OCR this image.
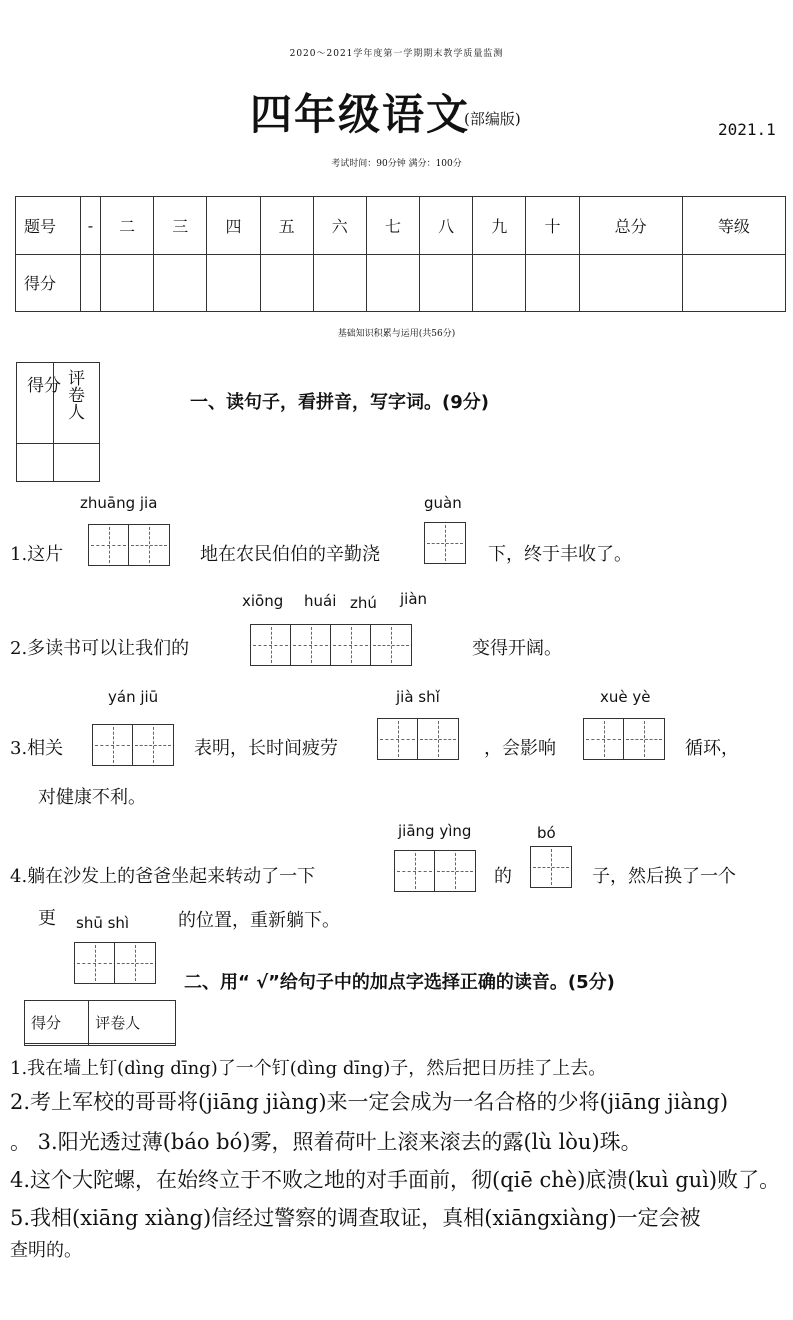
2020～2021学年度第一学期期末教学质量监测
四年级语文
(部编版)
2021.1
考试时间：90分钟 满分：100分
题号	-	二	三	四	五	六	七	八	九	十	总分	等级
得分												
基础知识积累与运用(共56分)
得分 评卷人	一、读句子，看拼音，写字词。(9分)
zhuāng jia	guàn
1.这片	地在农民伯伯的辛勤浇	下，终于丰收了。
xiōng huái zhú jiàn
2.多读书可以让我们的	变得开阔。
yán jiū	jià shǐ	xuè yè
3.相关	表明，长时间疲劳	，会影响	循环，
对健康不利。
jiāng yìng	bó
4.躺在沙发上的爸爸坐起来转动了一下	的	子，然后换了一个
更 shū shì	的位置，重新躺下。
二、用“ √”给句子中的加点字选择正确的读音。(5分)
得分	评卷人

1.我在墙上钉(dìng dīng)了一个钉(dìng dīng)子，然后把日历挂了上去。
2.考上军校的哥哥将(jiāng jiàng)来一定会成为一名合格的少将(jiāng jiàng)
。 3.阳光透过薄(báo bó)雾，照着荷叶上滚来滚去的露(lù lòu)珠。
4.这个大陀螺，在始终立于不败之地的对手面前，彻(qiē chè)底溃(kuì guì)败了。
5.我相(xiāng xiàng)信经过警察的调查取证，真相(xiāngxiàng)一定会被
查明的。
